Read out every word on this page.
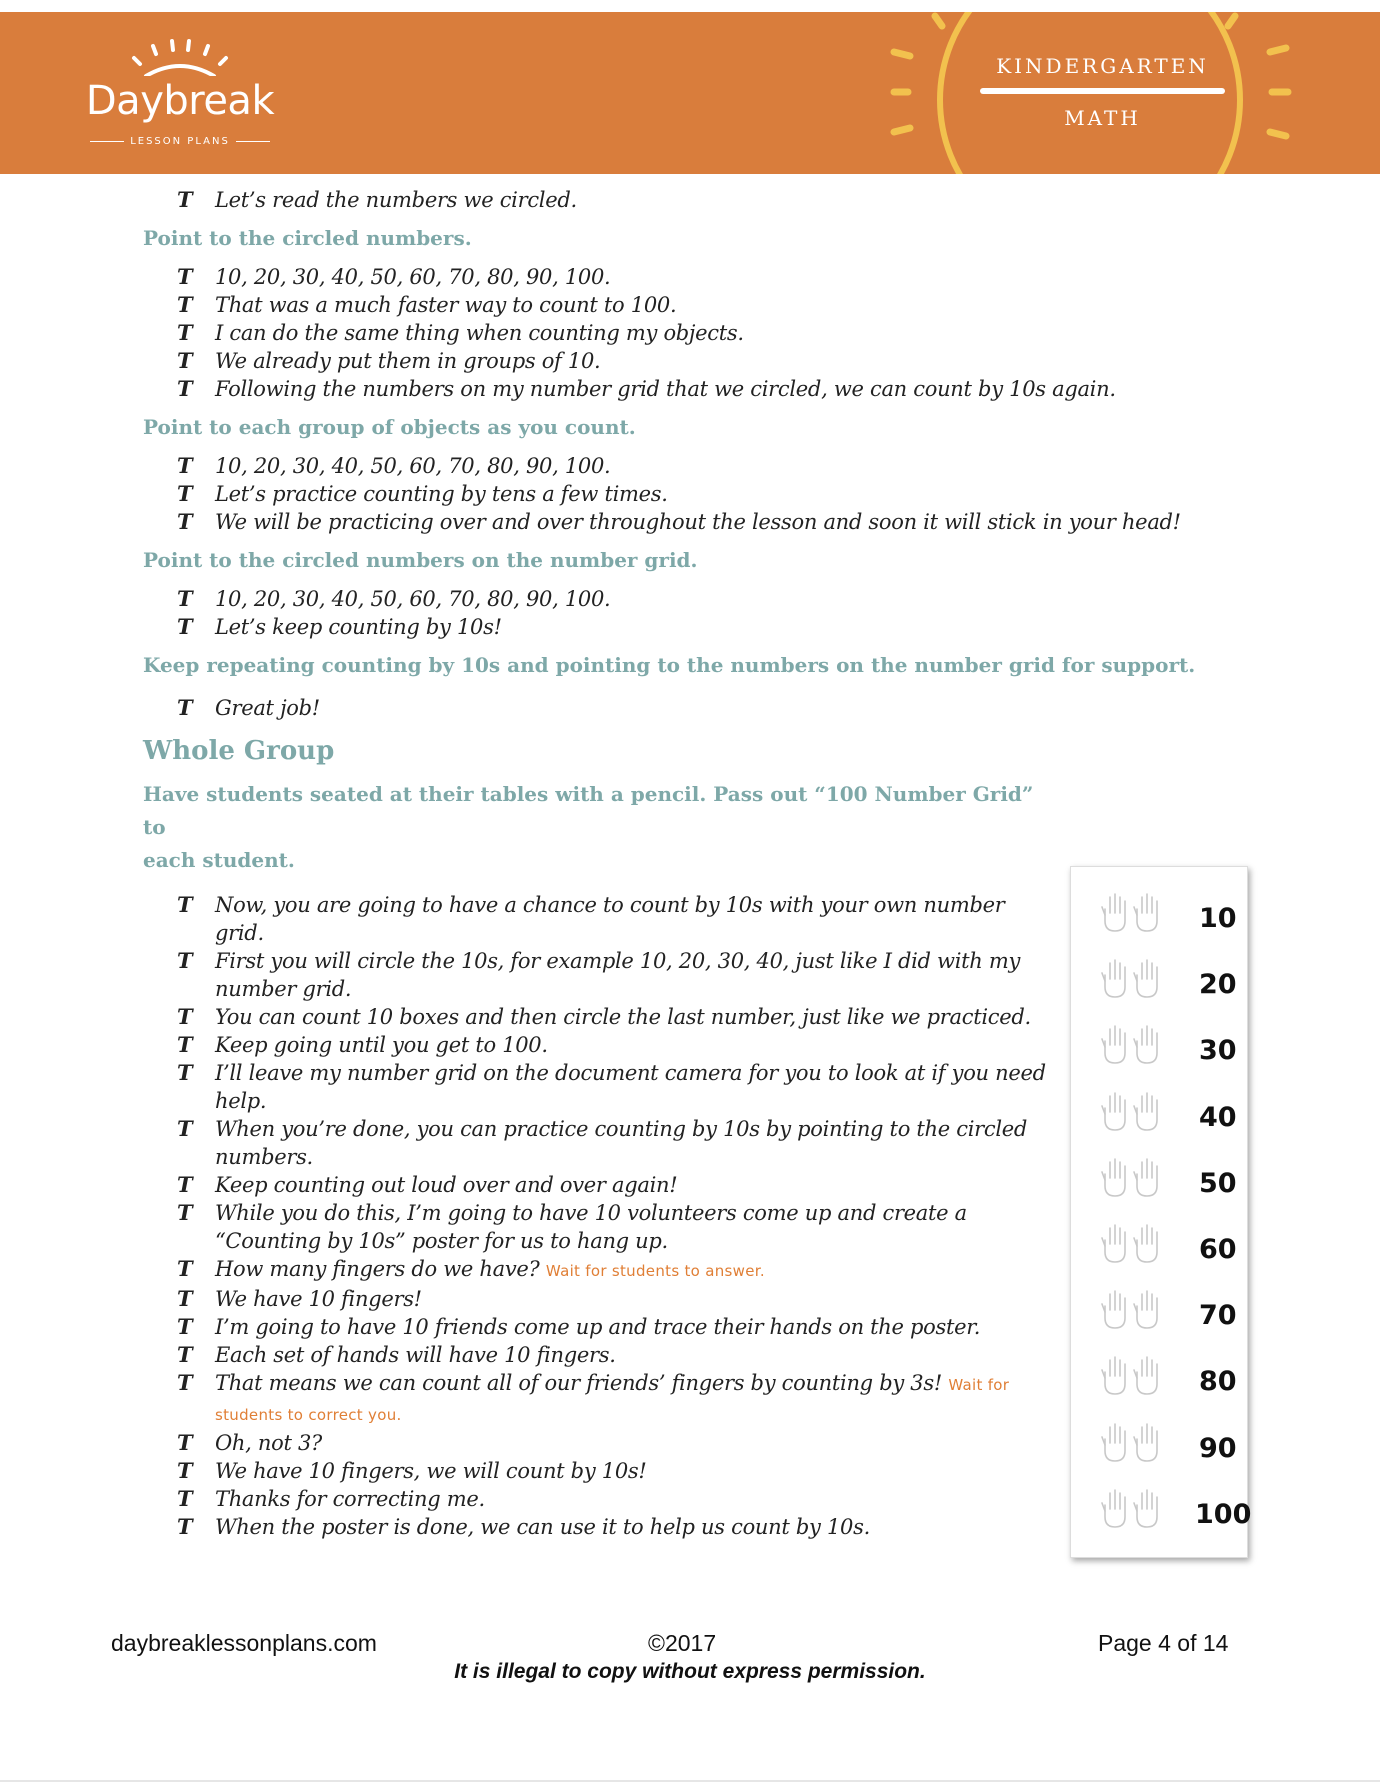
Daybreak
LESSON PLANS
KINDERGARTEN
MATH
T	Let’s read the numbers we circled.

Point to the circled numbers.

T	10, 20, 30, 40, 50, 60, 70, 80, 90, 100.
T	That was a much faster way to count to 100.
T	I can do the same thing when counting my objects.
T	We already put them in groups of 10.
T	Following the numbers on my number grid that we circled, we can count by 10s again.

Point to each group of objects as you count.

T	10, 20, 30, 40, 50, 60, 70, 80, 90, 100.
T	Let’s practice counting by tens a few times.
T	We will be practicing over and over throughout the lesson and soon it will stick in your head!

Point to the circled numbers on the number grid.

T	10, 20, 30, 40, 50, 60, 70, 80, 90, 100.
T	Let’s keep counting by 10s!

Keep repeating counting by 10s and pointing to the numbers on the number grid for support.

T	Great job!

Whole Group

Have students seated at their tables with a pencil. Pass out “100 Number Grid” to
each student.

T	Now, you are going to have a chance to count by 10s with your own number
grid.
T	First you will circle the 10s, for example 10, 20, 30, 40, just like I did with my
number grid.
T	You can count 10 boxes and then circle the last number, just like we practiced.
T	Keep going until you get to 100.
T	I’ll leave my number grid on the document camera for you to look at if you need
help.
T	When you’re done, you can practice counting by 10s by pointing to the circled
numbers.
T	Keep counting out loud over and over again!
T	While you do this, I’m going to have 10 volunteers come up and create a
“Counting by 10s” poster for us to hang up.
T	How many fingers do we have? Wait for students to answer.
T	We have 10 fingers!
T	I’m going to have 10 friends come up and trace their hands on the poster.
T	Each set of hands will have 10 fingers.
T	That means we can count all of our friends’ fingers by counting by 3s! Wait for
students to correct you.
T	Oh, not 3?
T	We have 10 fingers, we will count by 10s!
T	Thanks for correcting me.
T	When the poster is done, we can use it to help us count by 10s.
10
20
30
40
50
60
70
80
90
100
daybreaklessonplans.com	©2017	Page 4 of 14
It is illegal to copy without express permission.
